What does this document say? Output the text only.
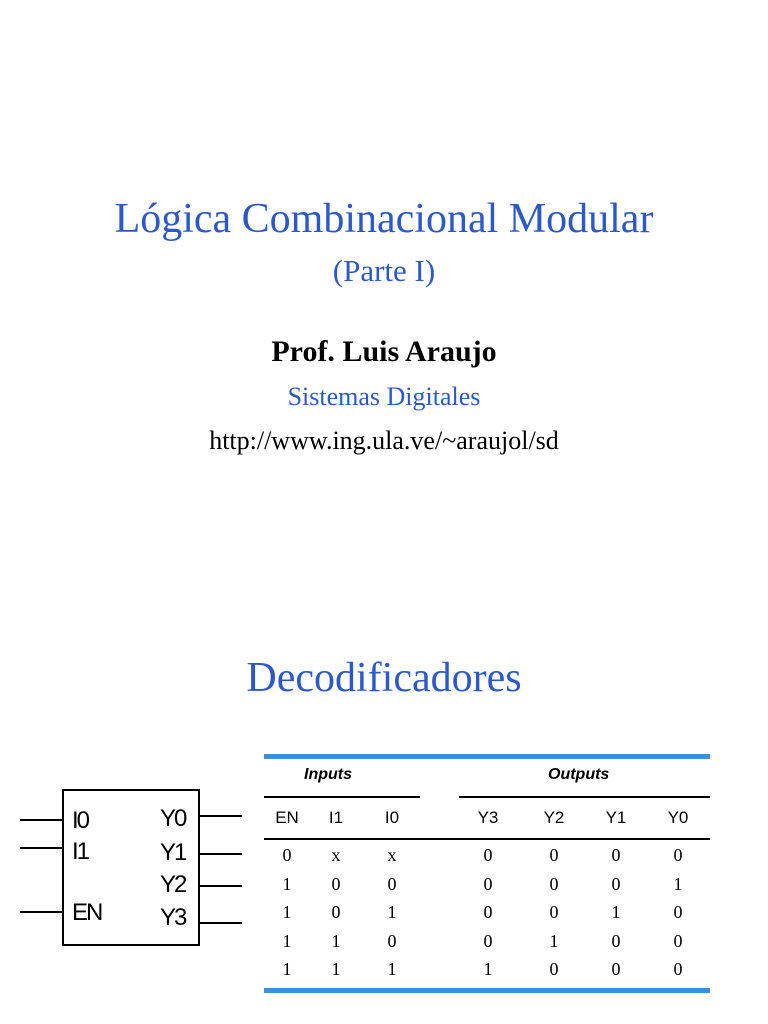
Lógica Combinacional Modular
(Parte I)
Prof. Luis Araujo
Sistemas Digitales
http://www.ing.ula.ve/~araujol/sd
Decodificadores
I0
I1
EN
Y0
Y1
Y2
Y3
Inputs	Outputs
EN	I1	I0	Y3	Y2	Y1	Y0
0	x	x	0	0	0	0
1	0	0	0	0	0	1
1	0	1	0	0	1	0
1	1	0	0	1	0	0
1	1	1	1	0	0	0
